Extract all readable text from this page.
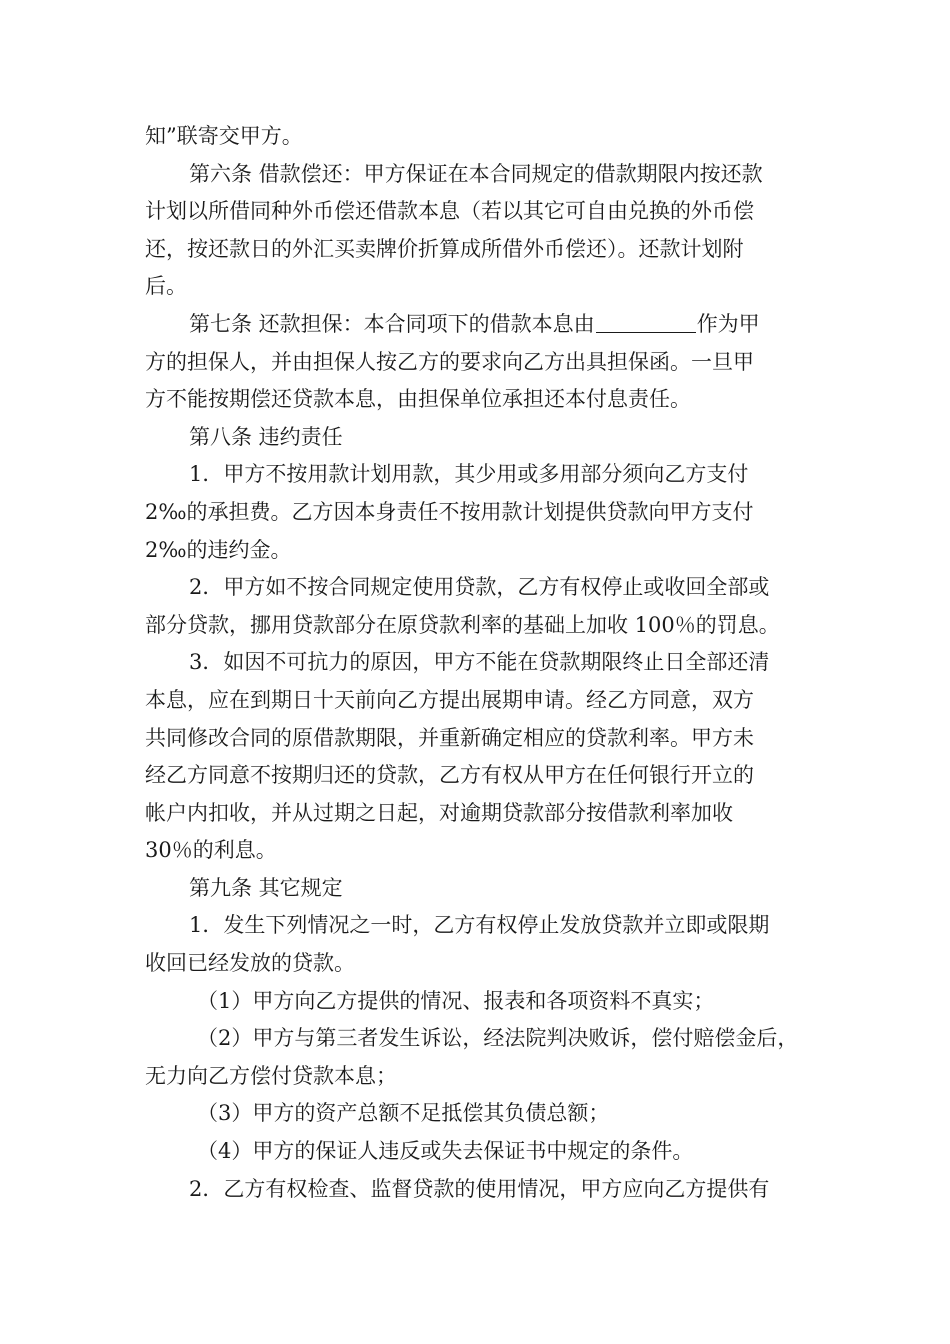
知”联寄交甲方。
第六条 借款偿还：甲方保证在本合同规定的借款期限内按还款
计划以所借同种外币偿还借款本息（若以其它可自由兑换的外币偿
还，按还款日的外汇买卖牌价折算成所借外币偿还）。还款计划附
后。
第七条 还款担保：本合同项下的借款本息由	作为甲
方的担保人，并由担保人按乙方的要求向乙方出具担保函。一旦甲
方不能按期偿还贷款本息，由担保单位承担还本付息责任。
第八条 违约责任
1．甲方不按用款计划用款，其少用或多用部分须向乙方支付
2‰的承担费。乙方因本身责任不按用款计划提供贷款向甲方支付
2‰的违约金。
2．甲方如不按合同规定使用贷款，乙方有权停止或收回全部或
部分贷款，挪用贷款部分在原贷款利率的基础上加收 100％的罚息。
3．如因不可抗力的原因，甲方不能在贷款期限终止日全部还清
本息，应在到期日十天前向乙方提出展期申请。经乙方同意，双方
共同修改合同的原借款期限，并重新确定相应的贷款利率。甲方未
经乙方同意不按期归还的贷款，乙方有权从甲方在任何银行开立的
帐户内扣收，并从过期之日起，对逾期贷款部分按借款利率加收
30％的利息。
第九条 其它规定
1．发生下列情况之一时，乙方有权停止发放贷款并立即或限期
收回已经发放的贷款。
（1）甲方向乙方提供的情况、报表和各项资料不真实；
（2）甲方与第三者发生诉讼，经法院判决败诉，偿付赔偿金后，
无力向乙方偿付贷款本息；
（3）甲方的资产总额不足抵偿其负债总额；
（4）甲方的保证人违反或失去保证书中规定的条件。
2．乙方有权检查、监督贷款的使用情况，甲方应向乙方提供有
